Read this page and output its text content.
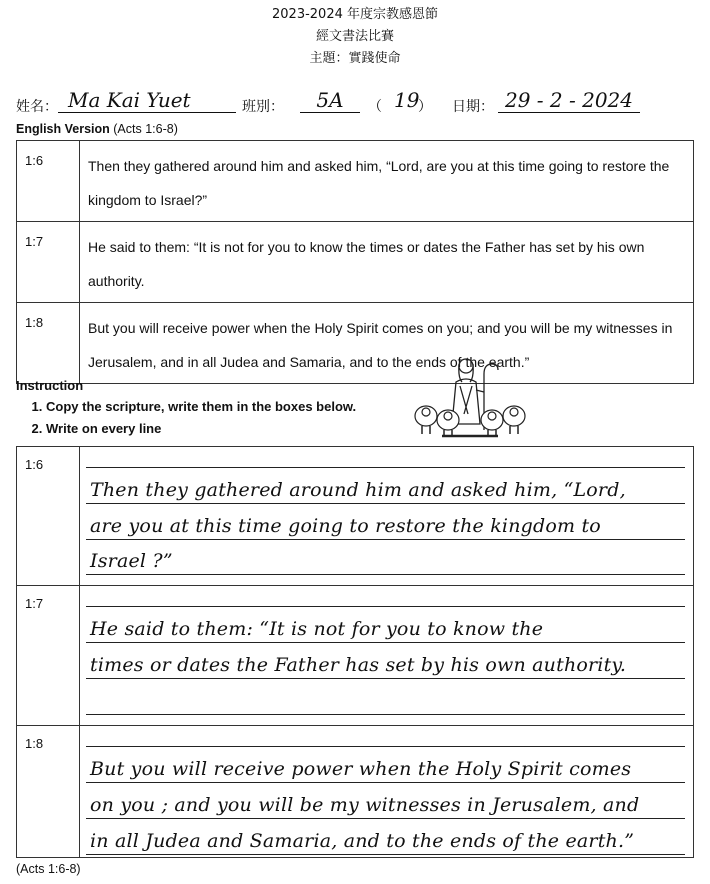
2023-2024 年度宗教感恩節
經文書法比賽
主題：實踐使命
姓名： Ma Kai Yuet	班別：	5A	（ 19
） 日期： 29 - 2 - 2024
English Version (Acts 1:6-8)
1:6	Then they gathered around him and asked him, “Lord, are you at this time going to restore the kingdom to Israel?”
1:7	He said to them: “It is not for you to know the times or dates the Father has set by his own authority.
1:8	But you will receive power when the Holy Spirit comes on you; and you will be my witnesses in Jerusalem, and in all Judea and Samaria, and to the ends of the earth.”
Instruction
1. Copy the scripture, write them in the boxes below.
2. Write on every line
1:6	Then they gathered around him and asked him, “Lord,
are you at this time going to restore the kingdom to
Israel ?”

1:7	He said to them: “It is not for you to know the
times or dates the Father has set by his own authority.

1:8	But you will receive power when the Holy Spirit comes
on you ; and you will be my witnesses in Jerusalem, and
in all Judea and Samaria, and to the ends of the earth.”
(Acts 1:6-8)
